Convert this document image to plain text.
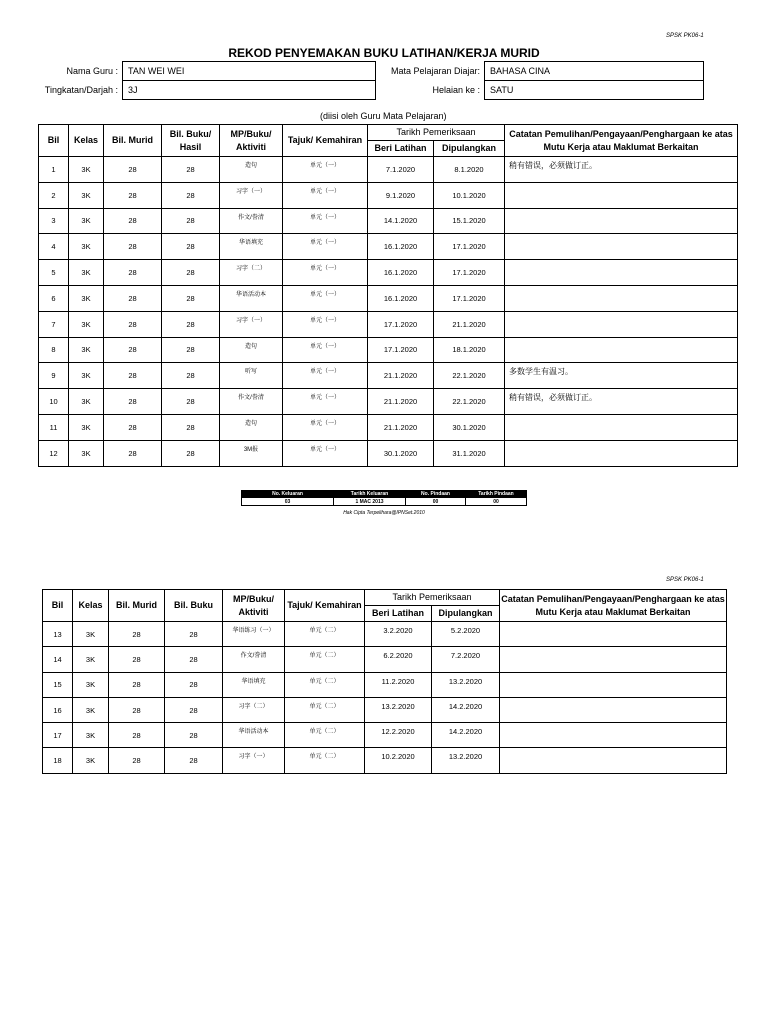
SPSK PK06-1
REKOD PENYEMAKAN BUKU LATIHAN/KERJA MURID
Nama Guru :	TAN WEI WEI	Mata Pelajaran Diajar:	BAHASA CINA
Tingkatan/Darjah :	3J	Helaian ke :	SATU
(diisi oleh Guru Mata Pelajaran)
Bil	Kelas	Bil. Murid	Bil. Buku/ Hasil	MP/Buku/ Aktiviti	Tajuk/ Kemahiran	Tarikh Pemeriksaan		Catatan Pemulihan/Pengayaan/Penghargaan ke atas Mutu Kerja atau Maklumat Berkaitan
						Beri Latihan	Dipulangkan	
1	3K	28	28	造句	单元（一）	7.1.2020	8.1.2020	稍有错误，必须做订正。
2	3K	28	28	习字（一）	单元（一）	9.1.2020	10.1.2020	
3	3K	28	28	作文/誊清	单元（一）	14.1.2020	15.1.2020	
4	3K	28	28	华语填充	单元（一）	16.1.2020	17.1.2020	
5	3K	28	28	习字（二）	单元（一）	16.1.2020	17.1.2020	
6	3K	28	28	华语活动本	单元（一）	16.1.2020	17.1.2020	
7	3K	28	28	习字（一）	单元（一）	17.1.2020	21.1.2020	
8	3K	28	28	造句	单元（一）	17.1.2020	18.1.2020	
9	3K	28	28	听写	单元（一）	21.1.2020	22.1.2020	多数学生有温习。
10	3K	28	28	作文/誊清	单元（一）	21.1.2020	22.1.2020	稍有错误，必须做订正。
11	3K	28	28	造句	单元（一）	21.1.2020	30.1.2020	
12	3K	28	28	3M报	单元（一）	30.1.2020	31.1.2020	
No. Keluaran	Tarikh Keluaran	No. Pindaan	Tarikh Pindaan
03	1 MAC 2013	00	00
Hak Cipta Terpelihara@IPNSet.2010
SPSK PK06-1
Bil	Kelas	Bil. Murid	Bil. Buku	MP/Buku/ Aktiviti	Tajuk/ Kemahiran	Tarikh Pemeriksaan		Catatan Pemulihan/Pengayaan/Penghargaan ke atas Mutu Kerja atau Maklumat Berkaitan
						Beri Latihan	Dipulangkan	
13	3K	28	28	华语练习（一）	单元（二）	3.2.2020	5.2.2020	
14	3K	28	28	作文/誊清	单元（二）	6.2.2020	7.2.2020	
15	3K	28	28	华语填充	单元（二）	11.2.2020	13.2.2020	
16	3K	28	28	习字（二）	单元（二）	13.2.2020	14.2.2020	
17	3K	28	28	华语活动本	单元（二）	12.2.2020	14.2.2020	
18	3K	28	28	习字（一）	单元（二）	10.2.2020	13.2.2020	
